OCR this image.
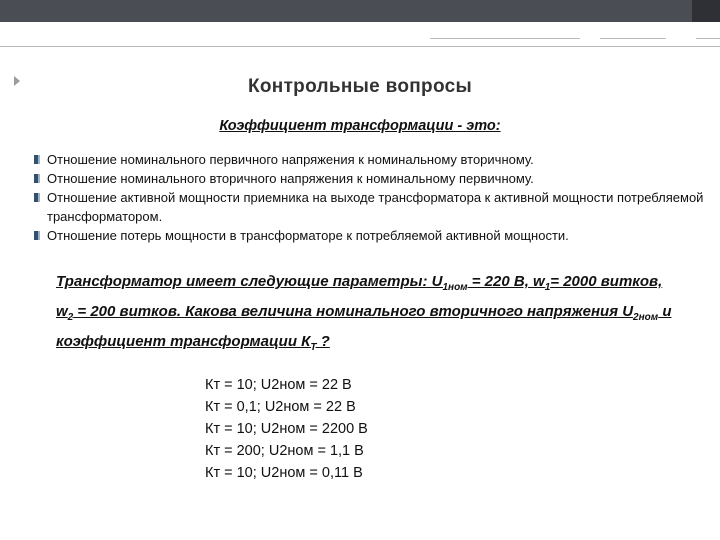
Контрольные вопросы
Коэффициент трансформации - это:
Отношение номинального первичного напряжения к номинальному вторичному.
Отношение номинального вторичного напряжения к номинальному первичному.
Отношение активной мощности приемника на выходе трансформатора к активной мощности потребляемой трансформатором.
Отношение потерь мощности в трансформаторе к потребляемой активной мощности.
Трансформатор имеет следующие параметры: $U_{1ном} = 220$ В, $w_1= 2000$ витков, $w_2 = 200$ витков. Какова величина номинального вторичного напряжения $U_{2ном}$ и коэффициент трансформации $К_Т$ ?
Кт = 10; U2ном = 22 В
Кт = 0,1; U2ном = 22 В
Кт = 10; U2ном = 2200 В
Кт = 200; U2ном = 1,1 В
Кт = 10; U2ном = 0,11 В
